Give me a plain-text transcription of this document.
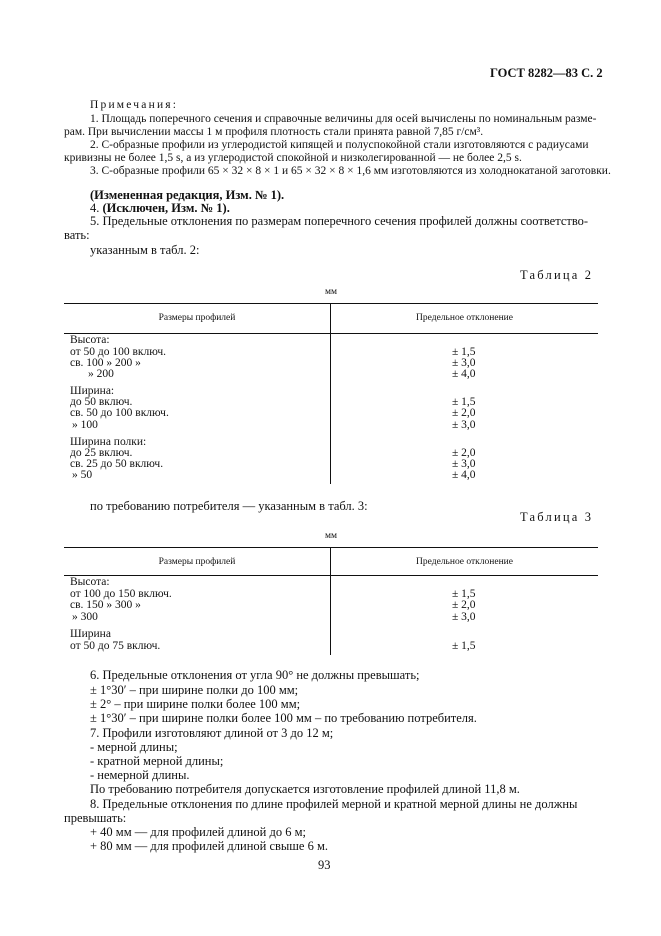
ГОСТ 8282—83 С. 2
Примечания:
1. Площадь поперечного сечения и справочные величины для осей вычислены по номинальным разме-
рам. При вычислении массы 1 м профиля плотность стали принята равной 7,85 г/см³.
2. С-образные профили из углеродистой кипящей и полуспокойной стали изготовляются с радиусами
кривизны не более 1,5 s, а из углеродистой спокойной и низколегированной — не более 2,5 s.
3. С-образные профили 65 × 32 × 8 × 1 и 65 × 32 × 8 × 1,6 мм изготовляются из холоднокатаной заготовки.
(Измененная редакция, Изм. № 1).
4. (Исключен, Изм. № 1).
5. Предельные отклонения по размерам поперечного сечения профилей должны соответство-
вать:
указанным в табл. 2:
Таблица 2
мм
Размеры профилей	Предельное отклонение
Высота:
от 50 до 100 включ.	± 1,5
св. 100 » 200 »	± 3,0
» 200	± 4,0
Ширина:
до 50 включ.	± 1,5
св. 50 до 100 включ.	± 2,0
» 100	± 3,0
Ширина полки:
до 25 включ.	± 2,0
св. 25 до 50 включ.	± 3,0
» 50	± 4,0
по требованию потребителя — указанным в табл. 3:
Таблица 3
мм
Размеры профилей	Предельное отклонение
Высота:
от 100 до 150 включ.	± 1,5
св. 150 » 300 »	± 2,0
» 300	± 3,0
Ширина
от 50 до 75 включ.	± 1,5
6. Предельные отклонения от угла 90° не должны превышать;
± 1°30′ – при ширине полки до 100 мм;
± 2° – при ширине полки более 100 мм;
± 1°30′ – при ширине полки более 100 мм – по требованию потребителя.
7. Профили изготовляют длиной от 3 до 12 м;
- мерной длины;
- кратной мерной длины;
- немерной длины.
По требованию потребителя допускается изготовление профилей длиной 11,8 м.
8. Предельные отклонения по длине профилей мерной и кратной мерной длины не должны
превышать:
+ 40 мм — для профилей длиной до 6 м;
+ 80 мм — для профилей длиной свыше 6 м.
93
